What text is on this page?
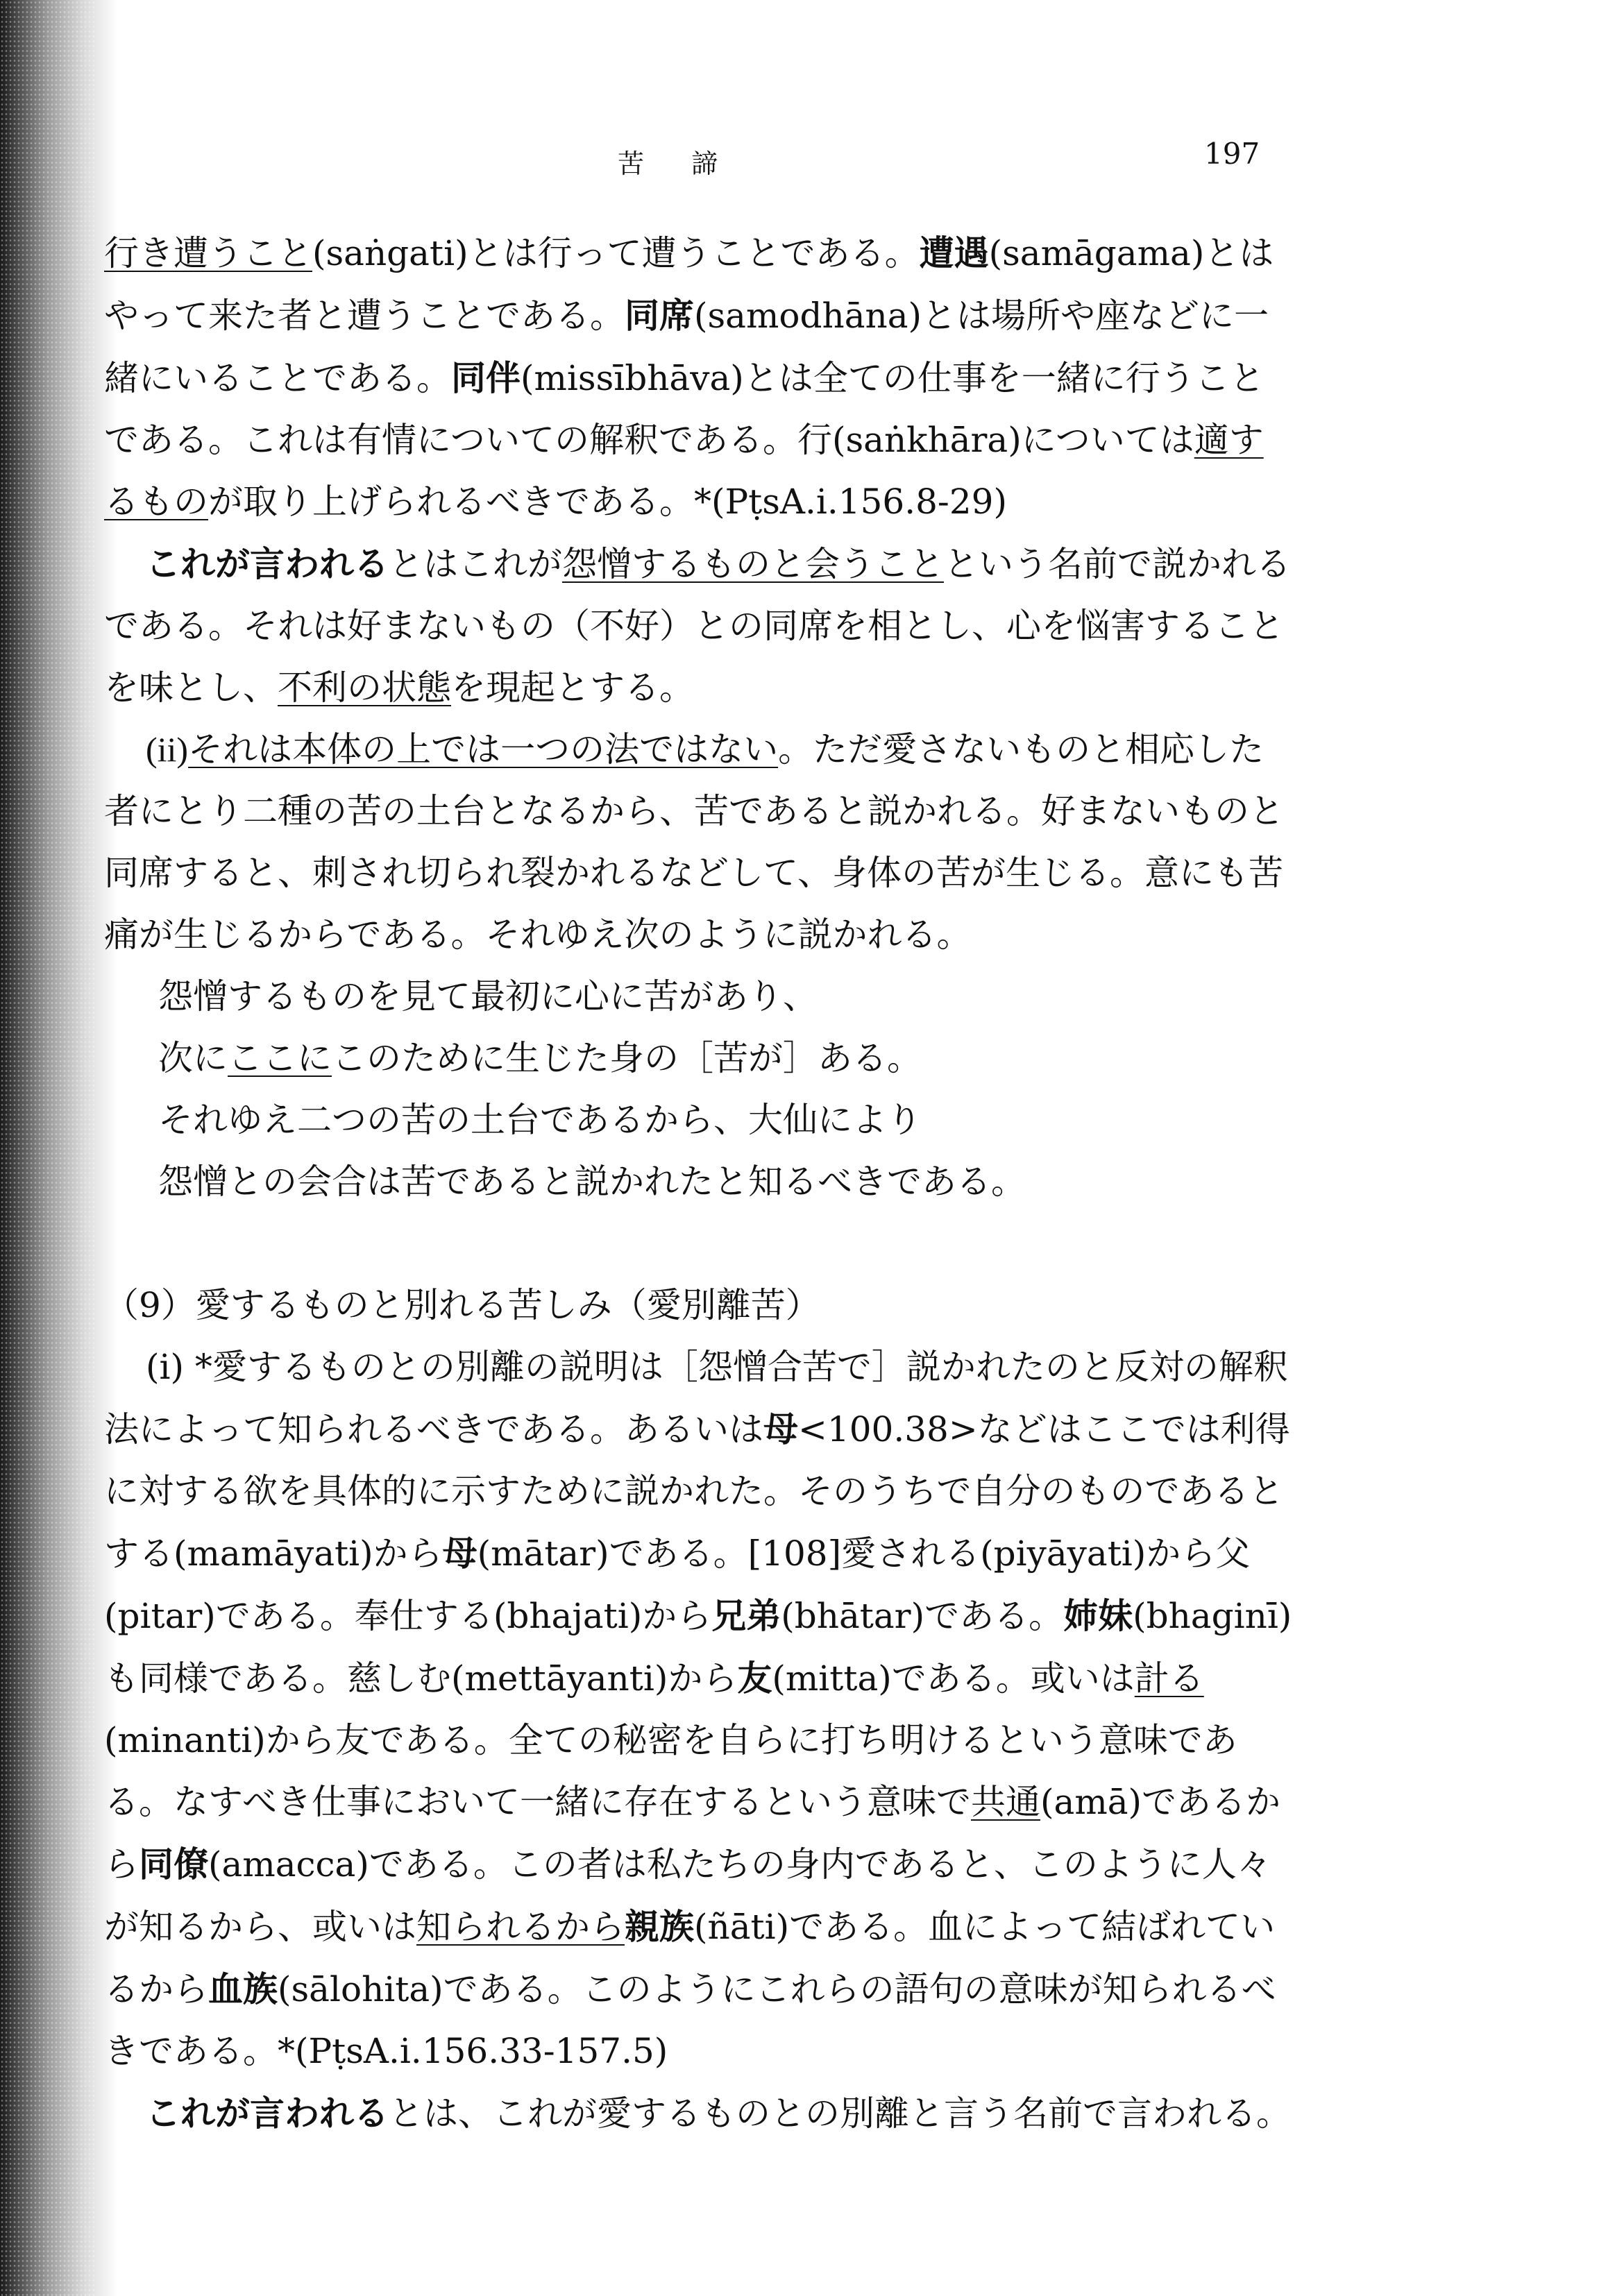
苦 諦	197

行き遭うこと(saṅgati)とは行って遭うことである。遭遇(samāgama)とはやって来た者と遭うことである。同席(samodhāna)とは場所や座などに一緒にいることである。同伴(missībhāva)とは全ての仕事を一緒に行うことである。これは有情についての解釈である。行(saṅkhāra)については適するものが取り上げられるべきである。*(PṭsA.i.156.8-29)

これが言われるとはこれが怨憎するものと会うことという名前で説かれるである。それは好まないもの（不好）との同席を相とし、心を悩害することを味とし、不利の状態を現起とする。

(ii)それは本体の上では一つの法ではない。ただ愛さないものと相応した者にとり二種の苦の土台となるから、苦であると説かれる。好まないものと同席すると、刺され切られ裂かれるなどして、身体の苦が生じる。意にも苦痛が生じるからである。それゆえ次のように説かれる。

怨憎するものを見て最初に心に苦があり、

次にここにこのために生じた身の［苦が］ある。

それゆえ二つの苦の土台であるから、大仙により

怨憎との会合は苦であると説かれたと知るべきである。

（9）愛するものと別れる苦しみ（愛別離苦）

(i) *愛するものとの別離の説明は［怨憎合苦で］説かれたのと反対の解釈法によって知られるべきである。あるいは母<100.38>などはここでは利得に対する欲を具体的に示すために説かれた。そのうちで自分のものであるとする(mamāyati)から母(mātar)である。[108]愛される(piyāyati)から父(pitar)である。奉仕する(bhajati)から兄弟(bhātar)である。姉妹(bhaginī)も同様である。慈しむ(mettāyanti)から友(mitta)である。或いは計る(minanti)から友である。全ての秘密を自らに打ち明けるという意味である。なすべき仕事において一緒に存在するという意味で共通(amā)であるから同僚(amacca)である。この者は私たちの身内であると、このように人々が知るから、或いは知られるから親族(ñāti)である。血によって結ばれているから血族(sālohita)である。このようにこれらの語句の意味が知られるべきである。*(PṭsA.i.156.33-157.5)

これが言われるとは、これが愛するものとの別離と言う名前で言われる。
